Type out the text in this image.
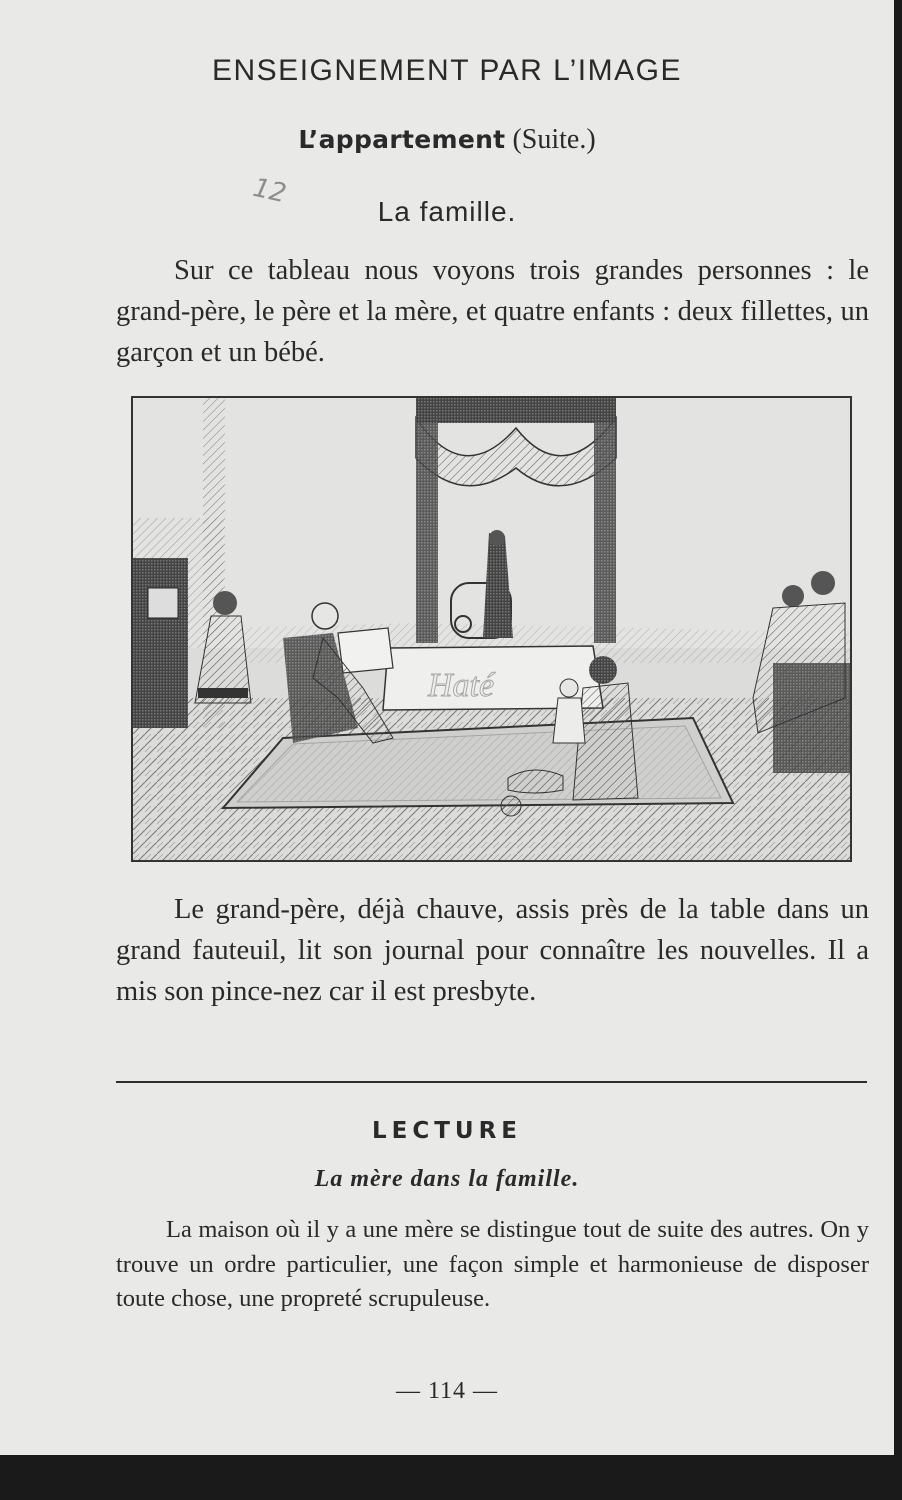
ENSEIGNEMENT PAR L’IMAGE
L’appartement (Suite.)
12
La famille.
Sur ce tableau nous voyons trois grandes personnes : le grand-père, le père et la mère, et quatre enfants : deux fillettes, un garçon et un bébé.
Haté
Le grand-père, déjà chauve, assis près de la table dans un grand fauteuil, lit son journal pour connaître les nouvelles. Il a mis son pince-nez car il est presbyte.
LECTURE
La mère dans la famille.
La maison où il y a une mère se distingue tout de suite des autres. On y trouve un ordre particulier, une façon simple et harmonieuse de disposer toute chose, une propreté scrupuleuse.
— 114 —
